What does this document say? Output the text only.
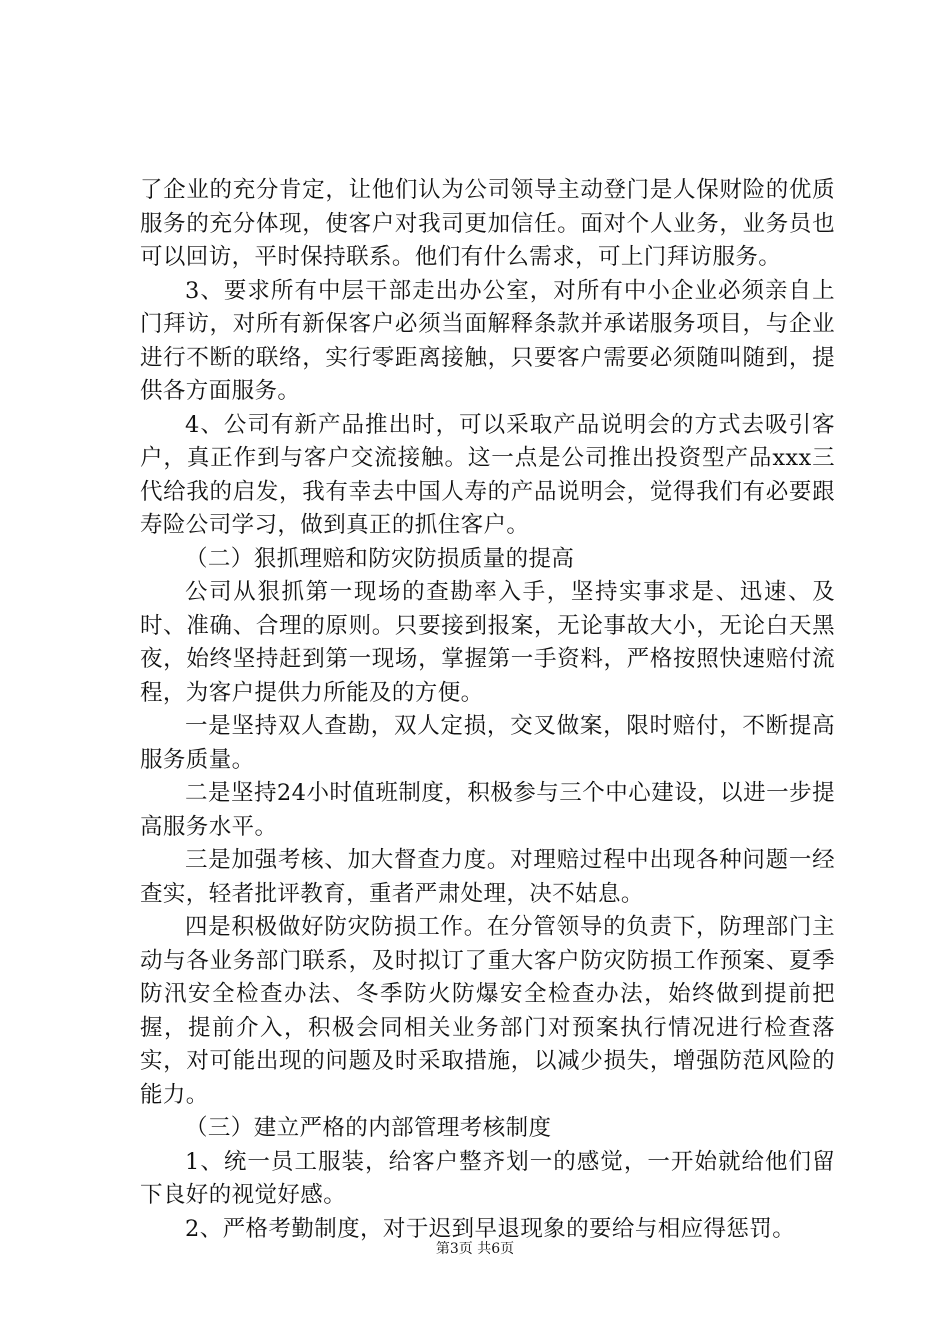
了企业的充分肯定，让他们认为公司领导主动登门是人保财险的优质服务的充分体现，使客户对我司更加信任。面对个人业务，业务员也可以回访，平时保持联系。他们有什么需求，可上门拜访服务。

3、要求所有中层干部走出办公室，对所有中小企业必须亲自上门拜访，对所有新保客户必须当面解释条款并承诺服务项目，与企业进行不断的联络，实行零距离接触，只要客户需要必须随叫随到，提供各方面服务。

4、公司有新产品推出时，可以采取产品说明会的方式去吸引客户，真正作到与客户交流接触。这一点是公司推出投资型产品xxx三代给我的启发，我有幸去中国人寿的产品说明会，觉得我们有必要跟寿险公司学习，做到真正的抓住客户。

（二）狠抓理赔和防灾防损质量的提高

公司从狠抓第一现场的查勘率入手，坚持实事求是、迅速、及时、准确、合理的原则。只要接到报案，无论事故大小，无论白天黑夜，始终坚持赶到第一现场，掌握第一手资料，严格按照快速赔付流程，为客户提供力所能及的方便。

一是坚持双人查勘，双人定损，交叉做案，限时赔付，不断提高服务质量。

二是坚持24小时值班制度，积极参与三个中心建设，以进一步提高服务水平。

三是加强考核、加大督查力度。对理赔过程中出现各种问题一经查实，轻者批评教育，重者严肃处理，决不姑息。

四是积极做好防灾防损工作。在分管领导的负责下，防理部门主动与各业务部门联系，及时拟订了重大客户防灾防损工作预案、夏季防汛安全检查办法、冬季防火防爆安全检查办法，始终做到提前把握，提前介入，积极会同相关业务部门对预案执行情况进行检查落实，对可能出现的问题及时采取措施，以减少损失，增强防范风险的能力。

（三）建立严格的内部管理考核制度

1、统一员工服装，给客户整齐划一的感觉，一开始就给他们留下良好的视觉好感。

2、严格考勤制度，对于迟到早退现象的要给与相应得惩罚。

第3页 共6页
